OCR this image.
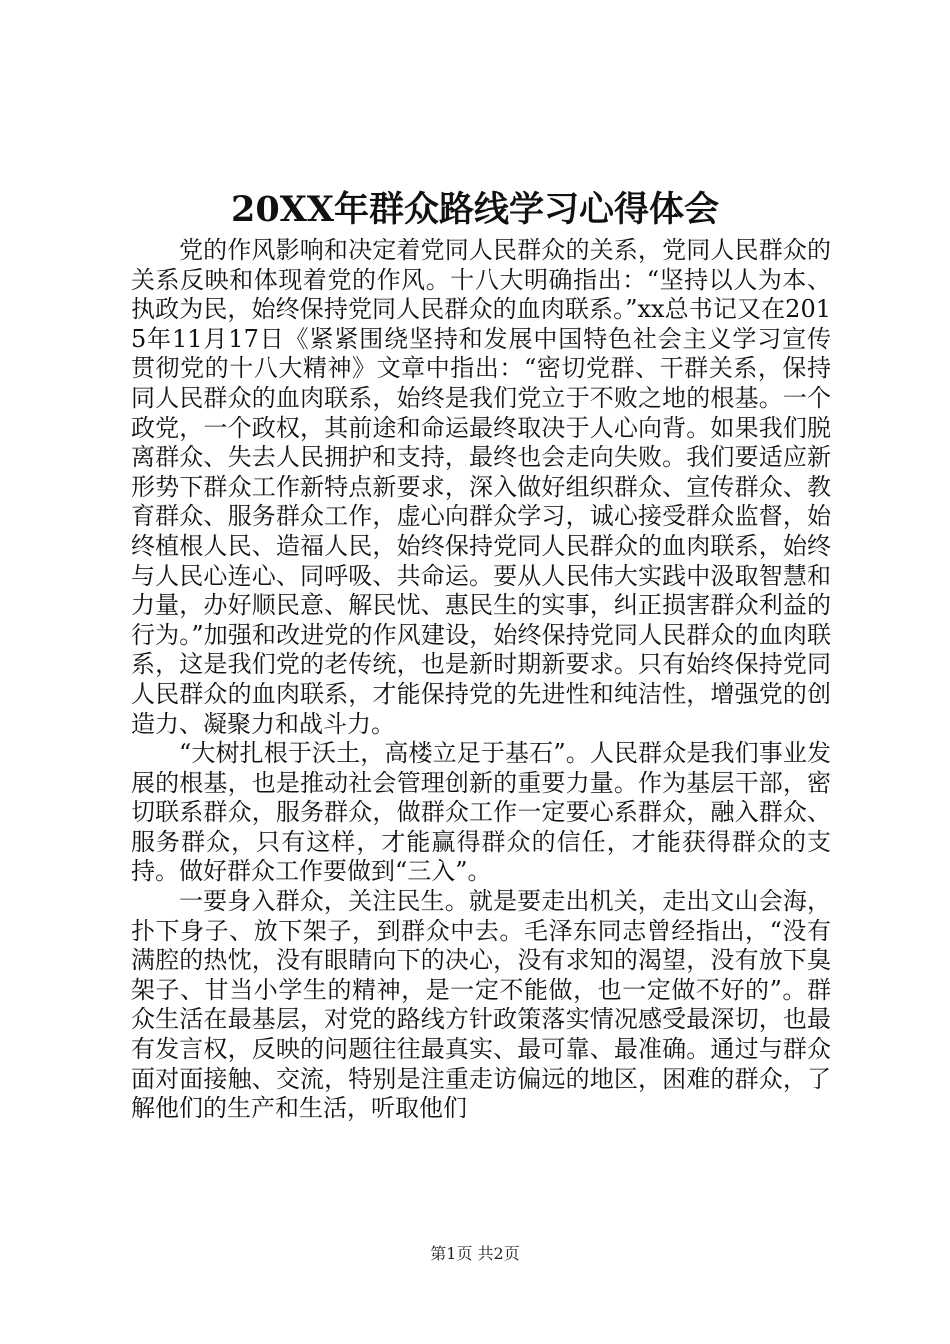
20XX年群众路线学习心得体会

党的作风影响和决定着党同人民群众的关系，党同人民群众的关系反映和体现着党的作风。十八大明确指出：“坚持以人为本、执政为民，始终保持党同人民群众的血肉联系。”xx总书记又在2015年11月17日《紧紧围绕坚持和发展中国特色社会主义学习宣传贯彻党的十八大精神》文章中指出：“密切党群、干群关系，保持同人民群众的血肉联系，始终是我们党立于不败之地的根基。一个政党，一个政权，其前途和命运最终取决于人心向背。如果我们脱离群众、失去人民拥护和支持，最终也会走向失败。我们要适应新形势下群众工作新特点新要求，深入做好组织群众、宣传群众、教育群众、服务群众工作，虚心向群众学习，诚心接受群众监督，始终植根人民、造福人民，始终保持党同人民群众的血肉联系，始终与人民心连心、同呼吸、共命运。要从人民伟大实践中汲取智慧和力量，办好顺民意、解民忧、惠民生的实事，纠正损害群众利益的行为。”加强和改进党的作风建设，始终保持党同人民群众的血肉联系，这是我们党的老传统，也是新时期新要求。只有始终保持党同人民群众的血肉联系，才能保持党的先进性和纯洁性，增强党的创造力、凝聚力和战斗力。

“大树扎根于沃土，高楼立足于基石”。人民群众是我们事业发展的根基，也是推动社会管理创新的重要力量。作为基层干部，密切联系群众，服务群众，做群众工作一定要心系群众，融入群众、服务群众，只有这样，才能赢得群众的信任，才能获得群众的支持。做好群众工作要做到“三入”。

一要身入群众，关注民生。就是要走出机关，走出文山会海，扑下身子、放下架子，到群众中去。毛泽东同志曾经指出，“没有满腔的热忱，没有眼睛向下的决心，没有求知的渴望，没有放下臭架子、甘当小学生的精神，是一定不能做，也一定做不好的”。群众生活在最基层，对党的路线方针政策落实情况感受最深切，也最有发言权，反映的问题往往最真实、最可靠、最准确。通过与群众面对面接触、交流，特别是注重走访偏远的地区，困难的群众，了解他们的生产和生活，听取他们

第1页 共2页
